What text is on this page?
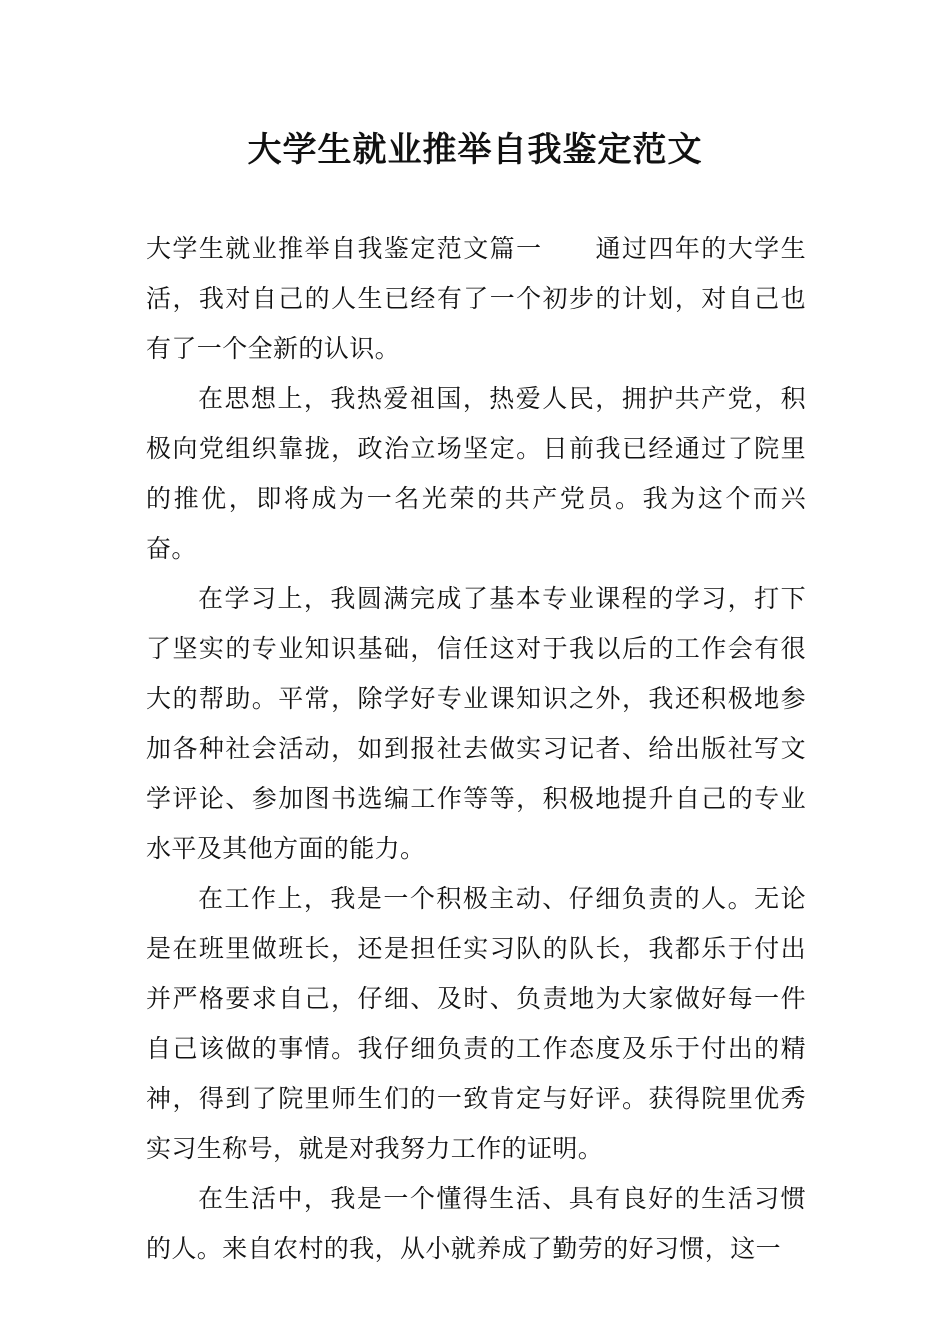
大学生就业推举自我鉴定范文

大学生就业推举自我鉴定范文篇一 通过四年的大学生活，我对自己的人生已经有了一个初步的计划，对自己也有了一个全新的认识。

在思想上，我热爱祖国，热爱人民，拥护共产党，积极向党组织靠拢，政治立场坚定。日前我已经通过了院里的推优，即将成为一名光荣的共产党员。我为这个而兴奋。

在学习上，我圆满完成了基本专业课程的学习，打下了坚实的专业知识基础，信任这对于我以后的工作会有很大的帮助。平常，除学好专业课知识之外，我还积极地参加各种社会活动，如到报社去做实习记者、给出版社写文学评论、参加图书选编工作等等，积极地提升自己的专业水平及其他方面的能力。

在工作上，我是一个积极主动、仔细负责的人。无论是在班里做班长，还是担任实习队的队长，我都乐于付出并严格要求自己，仔细、及时、负责地为大家做好每一件自己该做的事情。我仔细负责的工作态度及乐于付出的精神，得到了院里师生们的一致肯定与好评。获得院里优秀实习生称号，就是对我努力工作的证明。

在生活中，我是一个懂得生活、具有良好的生活习惯的人。来自农村的我，从小就养成了勤劳的好习惯，这一
